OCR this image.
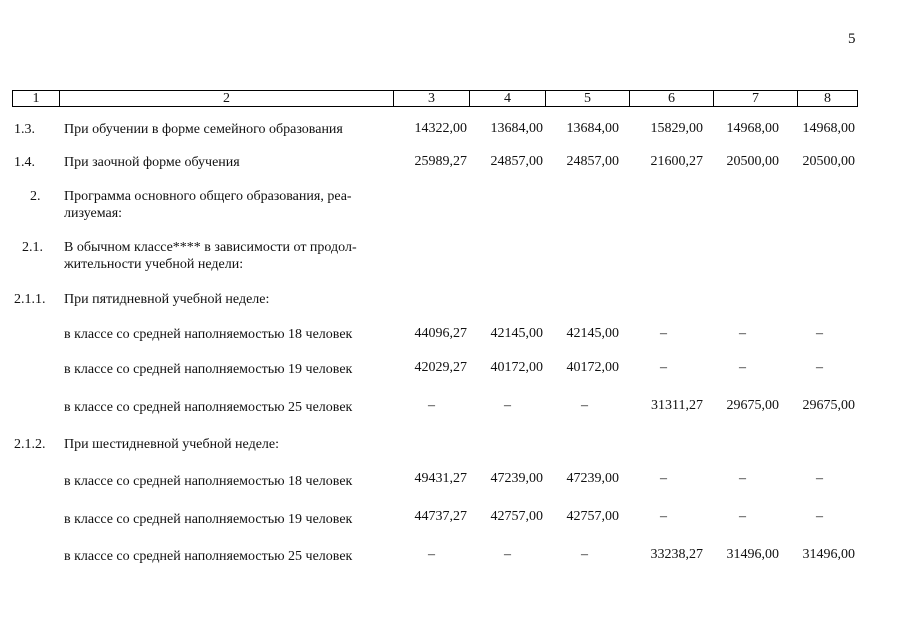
5
1	2	3	4	5	6	7	8
1.3. При обучении в форме семейного образования	14322,00 13684,00 13684,00 15829,00 14968,00 14968,00
1.4. При заочной форме обучения	25989,27 24857,00 24857,00 21600,27 20500,00 20500,00
2. Программа основного общего образования, реа-
лизуемая:
2.1. В обычном классе**** в зависимости от продол-
жительности учебной недели:
2.1.1. При пятидневной учебной неделе:
в классе со средней наполняемостью 18 человек	44096,27 42145,00 42145,00	–	–	–
в классе со средней наполняемостью 19 человек	42029,27 40172,00 40172,00	–	–	–
в классе со средней наполняемостью 25 человек	–	–	–	31311,27 29675,00 29675,00
2.1.2. При шестидневной учебной неделе:
в классе со средней наполняемостью 18 человек	49431,27 47239,00 47239,00	–	–	–
в классе со средней наполняемостью 19 человек	44737,27 42757,00 42757,00	–	–	–
в классе со средней наполняемостью 25 человек	–	–	–	33238,27 31496,00 31496,00
